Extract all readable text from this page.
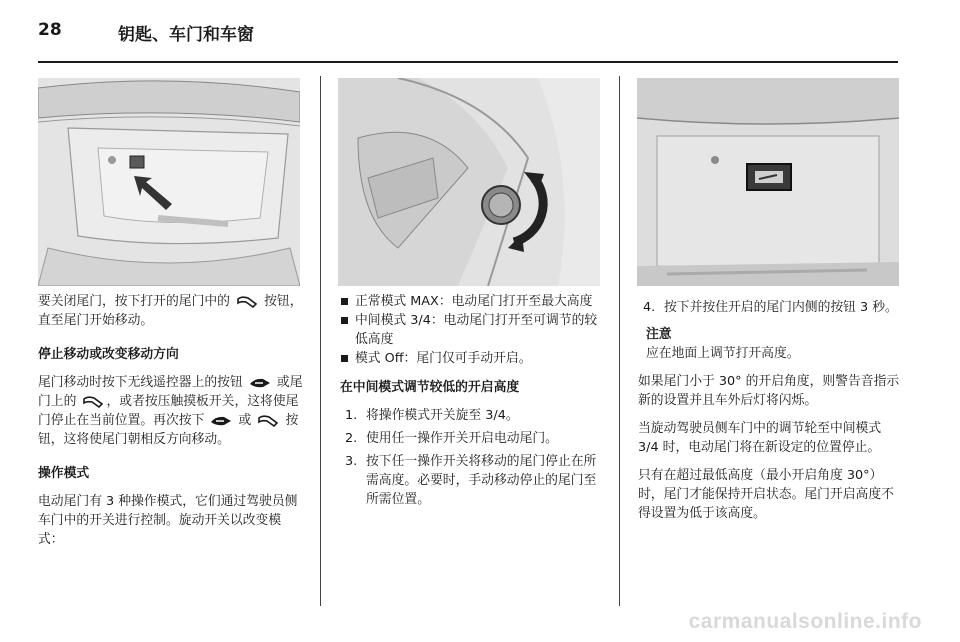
28	钥匙、车门和车窗

要关闭尾门，按下打开的尾门中的	按钮，直至尾门开始移动。

停止移动或改变移动方向

尾门移动时按下无线遥控器上的按钮	或尾门上的 ，或者按压触摸板开关，这将使尾门停止在当前位置。再次按下	或	按钮，这将使尾门朝相反方向移动。

操作模式

电动尾门有 3 种操作模式，它们通过驾驶员侧车门中的开关进行控制。旋动开关以改变模式：

正常模式 MAX：电动尾门打开至最大高度
中间模式 3/4：电动尾门打开至可调节的较低高度
模式 Off：尾门仅可手动开启。

在中间模式调节较低的开启高度

1. 将操作模式开关旋至 3/4。
2. 使用任一操作开关开启电动尾门。
3. 按下任一操作开关将移动的尾门停止在所需高度。必要时，手动移动停止的尾门至所需位置。
4. 按下并按住开启的尾门内侧的按钮 3 秒。
注意
应在地面上调节打开高度。

如果尾门小于 30° 的开启角度，则警告音指示新的设置并且车外后灯将闪烁。

当旋动驾驶员侧车门中的调节轮至中间模式 3/4 时，电动尾门将在新设定的位置停止。

只有在超过最低高度（最小开启角度 30°）时，尾门才能保持开启状态。尾门开启高度不得设置为低于该高度。

carmanualsonline.info
